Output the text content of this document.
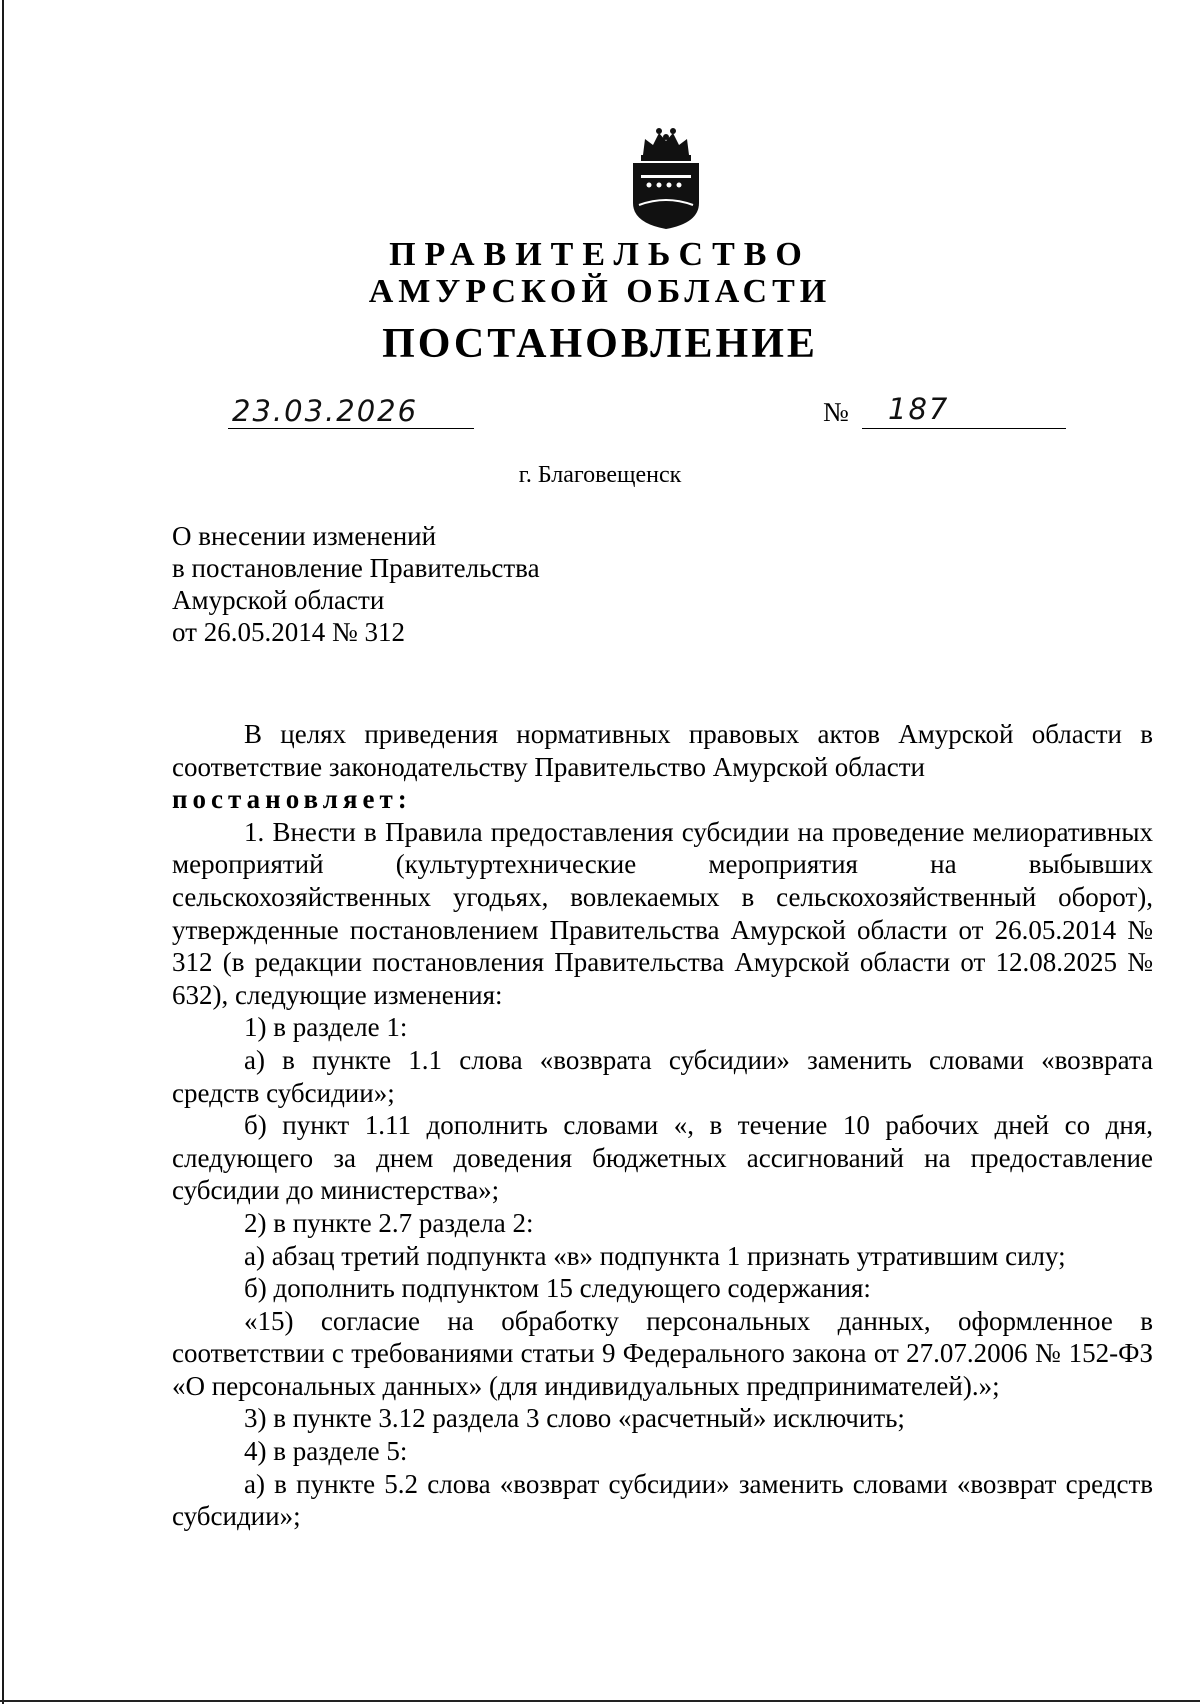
ПРАВИТЕЛЬСТВО
АМУРСКОЙ ОБЛАСТИ
ПОСТАНОВЛЕНИЕ
23.03.2026	№ 187
г. Благовещенск
О внесении изменений
в постановление Правительства
Амурской области
от 26.05.2014 № 312

В целях приведения нормативных правовых актов Амурской области в соответствие законодательству Правительство Амурской области

постановляет:

1. Внести в Правила предоставления субсидии на проведение мелиоративных мероприятий (культуртехнические мероприятия на выбывших сельскохозяйственных угодьях, вовлекаемых в сельскохозяйственный оборот), утвержденные постановлением Правительства Амурской области от 26.05.2014 № 312 (в редакции постановления Правительства Амурской области от 12.08.2025 № 632), следующие изменения:

1) в разделе 1:

а) в пункте 1.1 слова «возврата субсидии» заменить словами «возврата средств субсидии»;

б) пункт 1.11 дополнить словами «, в течение 10 рабочих дней со дня, следующего за днем доведения бюджетных ассигнований на предоставление субсидии до министерства»;

2) в пункте 2.7 раздела 2:

а) абзац третий подпункта «в» подпункта 1 признать утратившим силу;

б) дополнить подпунктом 15 следующего содержания:

«15) согласие на обработку персональных данных, оформленное в соответствии с требованиями статьи 9 Федерального закона от 27.07.2006 № 152-ФЗ «О персональных данных» (для индивидуальных предпринимателей).»;

3) в пункте 3.12 раздела 3 слово «расчетный» исключить;

4) в разделе 5:

а) в пункте 5.2 слова «возврат субсидии» заменить словами «возврат средств субсидии»;
